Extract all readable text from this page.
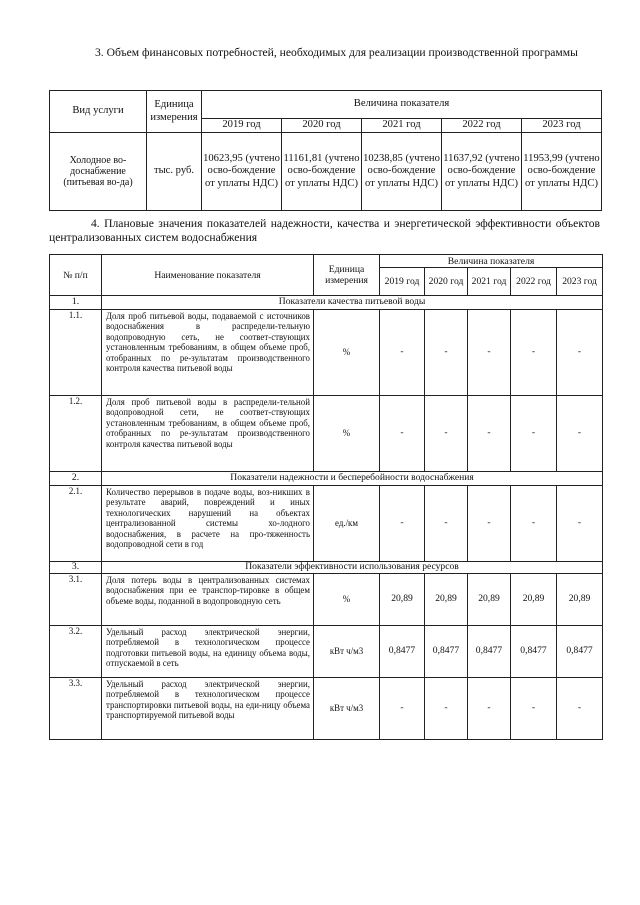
3. Объем финансовых потребностей, необходимых для реализации производственной программы
Вид услуги	Единица измерения	Величина показателя				
		2019 год	2020 год	2021 год	2022 год	2023 год
Холодное во-доснабжение (питьевая во-да)	тыс. руб.	10623,95 (учтено осво-бождение от уплаты НДС)	11161,81 (учтено осво-бождение от уплаты НДС)	10238,85 (учтено осво-бождение от уплаты НДС)	11637,92 (учтено осво-бождение от уплаты НДС)	11953,99 (учтено осво-бождение от уплаты НДС)
4. Плановые значения показателей надежности, качества и энергетической эффективности объектов централизованных систем водоснабжения
№ п/п	Наименование показателя	Единица измерения	Величина показателя				
			2019 год	2020 год	2021 год	2022 год	2023 год
1.	Показатели качества питьевой воды						
1.1.	Доля проб питьевой воды, подаваемой с источников водоснабжения в распредели-тельную водопроводную сеть, не соответ-ствующих установленным требованиям, в общем объеме проб, отобранных по ре-зультатам производственного контроля качества питьевой воды	%	-	-	-	-	-
1.2.	Доля проб питьевой воды в распредели-тельной водопроводной сети, не соответ-ствующих установленным требованиям, в общем объеме проб, отобранных по ре-зультатам производственного контроля качества питьевой воды	%	-	-	-	-	-
2.	Показатели надежности и бесперебойности водоснабжения						
2.1.	Количество перерывов в подаче воды, воз-никших в результате аварий, повреждений и иных технологических нарушений на объектах централизованной системы хо-лодного водоснабжения, в расчете на про-тяженность водопроводной сети в год	ед./км	-	-	-	-	-
3.	Показатели эффективности использования ресурсов						
3.1.	Доля потерь воды в централизованных системах водоснабжения при ее транспор-тировке в общем объеме воды, поданной в водопроводную сеть	%	20,89	20,89	20,89	20,89	20,89
3.2.	Удельный расход электрической энергии, потребляемой в технологическом процессе подготовки питьевой воды, на единицу объема воды, отпускаемой в сеть	кВт ч/м3	0,8477	0,8477	0,8477	0,8477	0,8477
3.3.	Удельный расход электрической энергии, потребляемой в технологическом процессе транспортировки питьевой воды, на еди-ницу объема транспортируемой питьевой воды	кВт ч/м3	-	-	-	-	-
